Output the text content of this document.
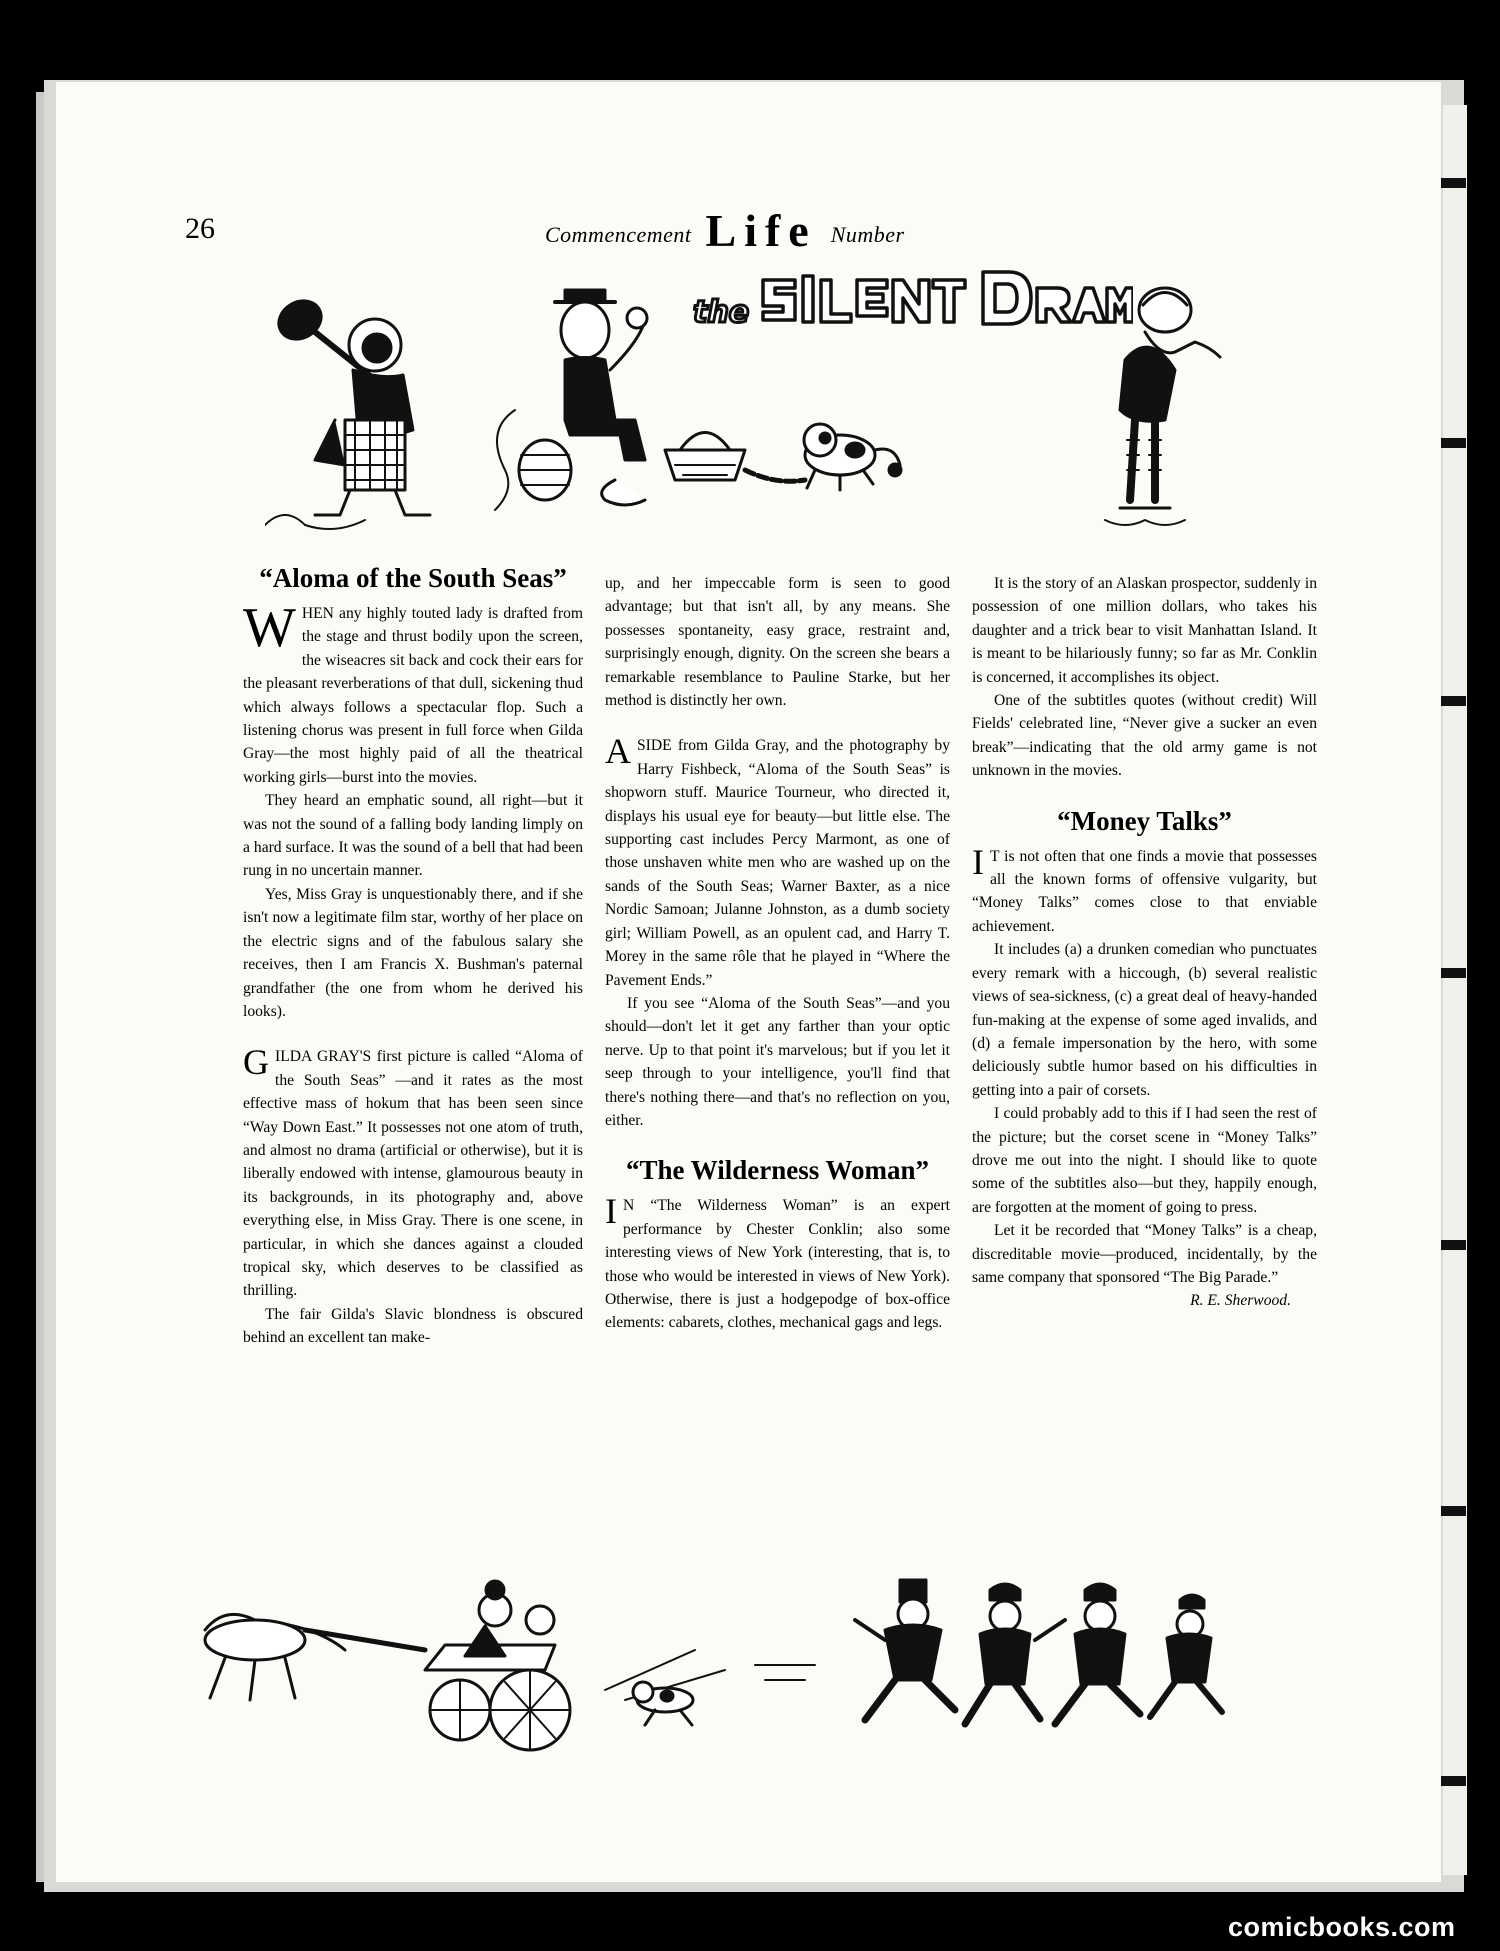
26	Commencement Life Number
the
“Aloma of the South Seas”

WHEN any highly touted lady is drafted from the stage and thrust bodily upon the screen, the wiseacres sit back and cock their ears for the pleasant reverberations of that dull, sickening thud which always follows a spectacular flop. Such a listening chorus was present in full force when Gilda Gray—the most highly paid of all the theatrical working girls—burst into the movies.

They heard an emphatic sound, all right—but it was not the sound of a falling body landing limply on a hard surface. It was the sound of a bell that had been rung in no uncertain manner.

Yes, Miss Gray is unquestionably there, and if she isn't now a legitimate film star, worthy of her place on the electric signs and of the fabulous salary she receives, then I am Francis X. Bushman's paternal grandfather (the one from whom he derived his looks).

GILDA GRAY'S first picture is called “Aloma of the South Seas” —and it rates as the most effective mass of hokum that has been seen since “Way Down East.” It possesses not one atom of truth, and almost no drama (artificial or otherwise), but it is liberally endowed with intense, glamourous beauty in its backgrounds, in its photography and, above everything else, in Miss Gray. There is one scene, in particular, in which she dances against a clouded tropical sky, which deserves to be classified as thrilling.

The fair Gilda's Slavic blondness is obscured behind an excellent tan make-

up, and her impeccable form is seen to good advantage; but that isn't all, by any means. She possesses spontaneity, easy grace, restraint and, surprisingly enough, dignity. On the screen she bears a remarkable resemblance to Pauline Starke, but her method is distinctly her own.

ASIDE from Gilda Gray, and the photography by Harry Fishbeck, “Aloma of the South Seas” is shopworn stuff. Maurice Tourneur, who directed it, displays his usual eye for beauty—but little else. The supporting cast includes Percy Marmont, as one of those unshaven white men who are washed up on the sands of the South Seas; Warner Baxter, as a nice Nordic Samoan; Julanne Johnston, as a dumb society girl; William Powell, as an opulent cad, and Harry T. Morey in the same rôle that he played in “Where the Pavement Ends.”

If you see “Aloma of the South Seas”—and you should—don't let it get any farther than your optic nerve. Up to that point it's marvelous; but if you let it seep through to your intelligence, you'll find that there's nothing there—and that's no reflection on you, either.

“The Wilderness Woman”

I N “The Wilderness Woman” is an expert performance by Chester Conklin; also some interesting views of New York (interesting, that is, to those who would be interested in views of New York). Otherwise, there is just a hodgepodge of box-office elements: cabarets, clothes, mechanical gags and legs.

It is the story of an Alaskan prospector, suddenly in possession of one million dollars, who takes his daughter and a trick bear to visit Manhattan Island. It is meant to be hilariously funny; so far as Mr. Conklin is concerned, it accomplishes its object.

One of the subtitles quotes (without credit) Will Fields' celebrated line, “Never give a sucker an even break”—indicating that the old army game is not unknown in the movies.

“Money Talks”

I T is not often that one finds a movie that possesses all the known forms of offensive vulgarity, but “Money Talks” comes close to that enviable achievement.

It includes (a) a drunken comedian who punctuates every remark with a hiccough, (b) several realistic views of sea-sickness, (c) a great deal of heavy-handed fun-making at the expense of some aged invalids, and (d) a female impersonation by the hero, with some deliciously subtle humor based on his difficulties in getting into a pair of corsets.

I could probably add to this if I had seen the rest of the picture; but the corset scene in “Money Talks” drove me out into the night. I should like to quote some of the subtitles also—but they, happily enough, are forgotten at the moment of going to press.

Let it be recorded that “Money Talks” is a cheap, discreditable movie—produced, incidentally, by the same company that sponsored “The Big Parade.”

R. E. Sherwood.

comicbooks.com
